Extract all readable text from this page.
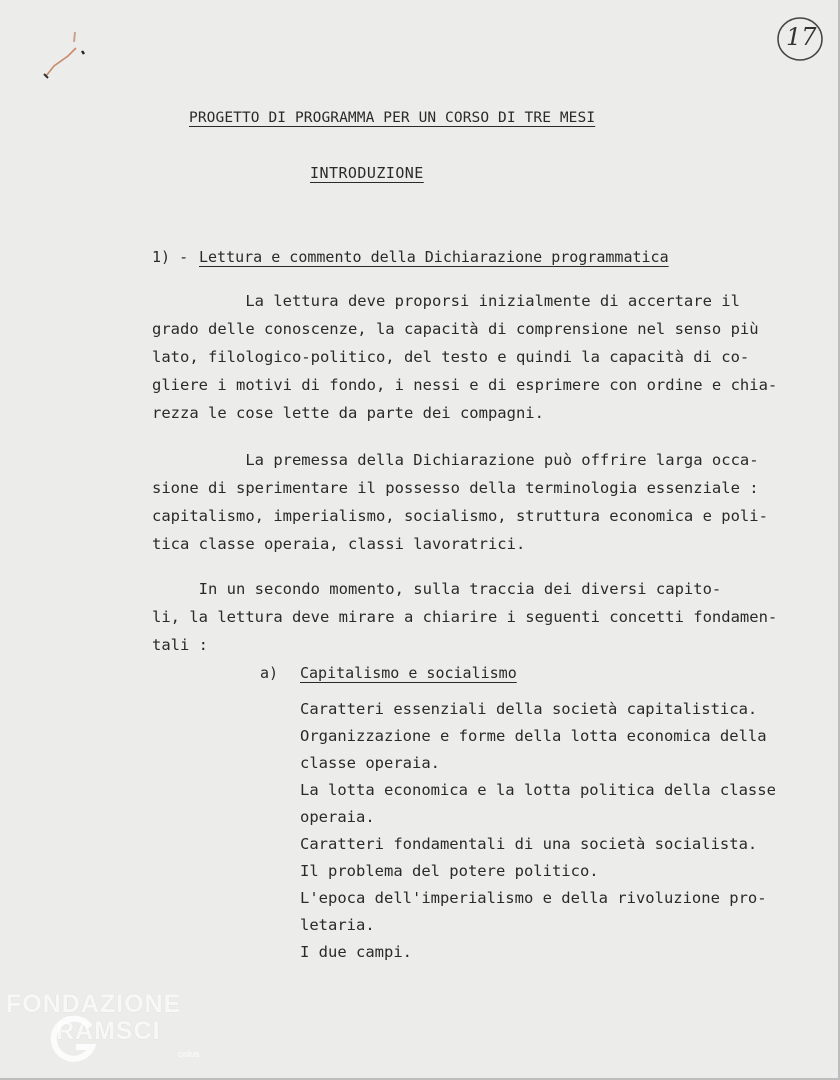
17

PROGETTO DI PROGRAMMA PER UN CORSO DI TRE MESI
INTRODUZIONE
1) - Lettura e commento della Dichiarazione programmatica
La lettura deve proporsi inizialmente di accertare il
grado delle conoscenze, la capacità di comprensione nel senso più
lato, filologico-politico, del testo e quindi la capacità di co-
gliere i motivi di fondo, i nessi e di esprimere con ordine e chia-
rezza le cose lette da parte dei compagni.
La premessa della Dichiarazione può offrire larga occa-
sione di sperimentare il possesso della terminologia essenziale :
capitalismo, imperialismo, socialismo, struttura economica e poli-
tica classe operaia, classi lavoratrici.
In un secondo momento, sulla traccia dei diversi capito-
li, la lettura deve mirare a chiarire i seguenti concetti fondamen-
tali :
a) Capitalismo e socialismo
Caratteri essenziali della società capitalistica.
Organizzazione e forme della lotta economica della
classe operaia.
La lotta economica e la lotta politica della classe
operaia.
Caratteri fondamentali di una società socialista.
Il problema del potere politico.
L'epoca dell'imperialismo e della rivoluzione pro-
letaria.
I due campi.
FONDAZIONE
RAMSCI
onlus
